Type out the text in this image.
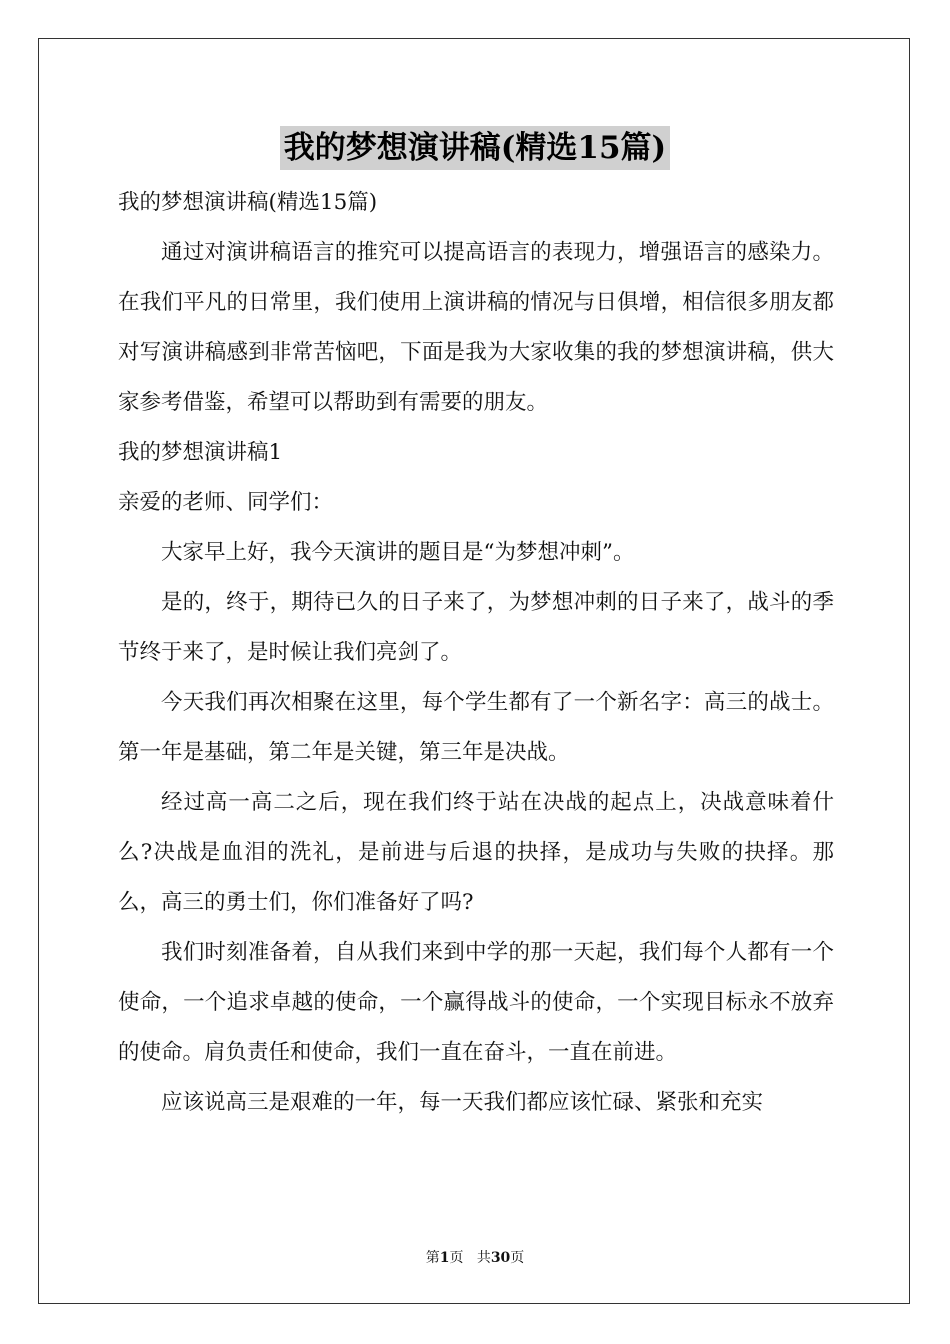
我的梦想演讲稿(精选15篇)

我的梦想演讲稿(精选15篇)

通过对演讲稿语言的推究可以提高语言的表现力，增强语言的感染力。在我们平凡的日常里，我们使用上演讲稿的情况与日俱增，相信很多朋友都对写演讲稿感到非常苦恼吧，下面是我为大家收集的我的梦想演讲稿，供大家参考借鉴，希望可以帮助到有需要的朋友。

我的梦想演讲稿1

亲爱的老师、同学们：

大家早上好，我今天演讲的题目是“为梦想冲刺”。

是的，终于，期待已久的日子来了，为梦想冲刺的日子来了，战斗的季节终于来了，是时候让我们亮剑了。

今天我们再次相聚在这里，每个学生都有了一个新名字：高三的战士。第一年是基础，第二年是关键，第三年是决战。

经过高一高二之后，现在我们终于站在决战的起点上，决战意味着什么?决战是血泪的洗礼，是前进与后退的抉择，是成功与失败的抉择。那么，高三的勇士们，你们准备好了吗?

我们时刻准备着，自从我们来到中学的那一天起，我们每个人都有一个使命，一个追求卓越的使命，一个赢得战斗的使命，一个实现目标永不放弃的使命。肩负责任和使命，我们一直在奋斗，一直在前进。

应该说高三是艰难的一年，每一天我们都应该忙碌、紧张和充实

第1页 共30页
